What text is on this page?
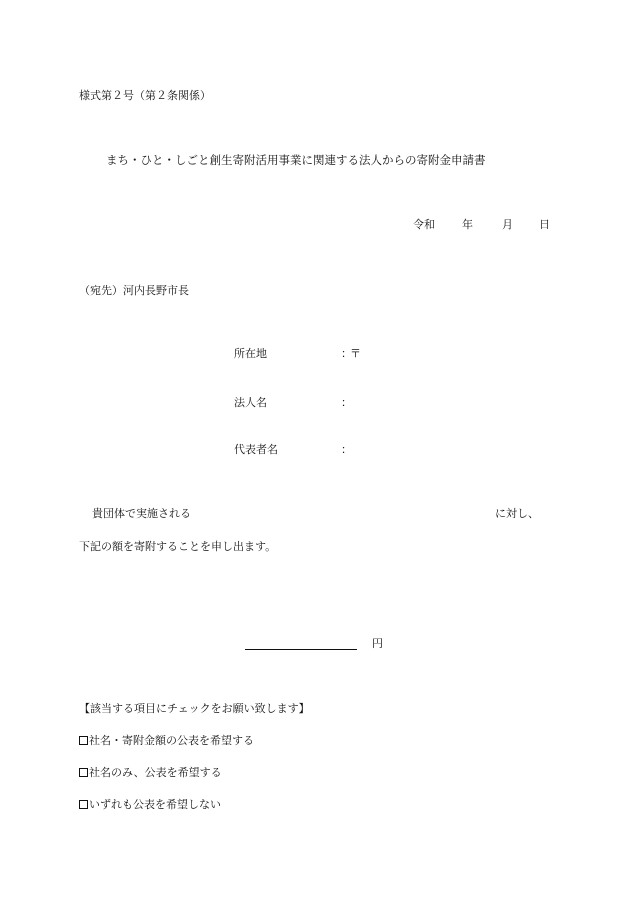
様式第２号（第２条関係）
まち・ひと・しごと創生寄附活用事業に関連する法人からの寄附金申請書
令和 年	月 日
（宛先）河内長野市長
所在地	：
〒
法人名	：
代表者名	：
貴団体で実施される	に対し、
下記の額を寄附することを申し出ます。
円
【該当する項目にチェックをお願い致します】
社名・寄附金額の公表を希望する
社名のみ、公表を希望する
いずれも公表を希望しない
